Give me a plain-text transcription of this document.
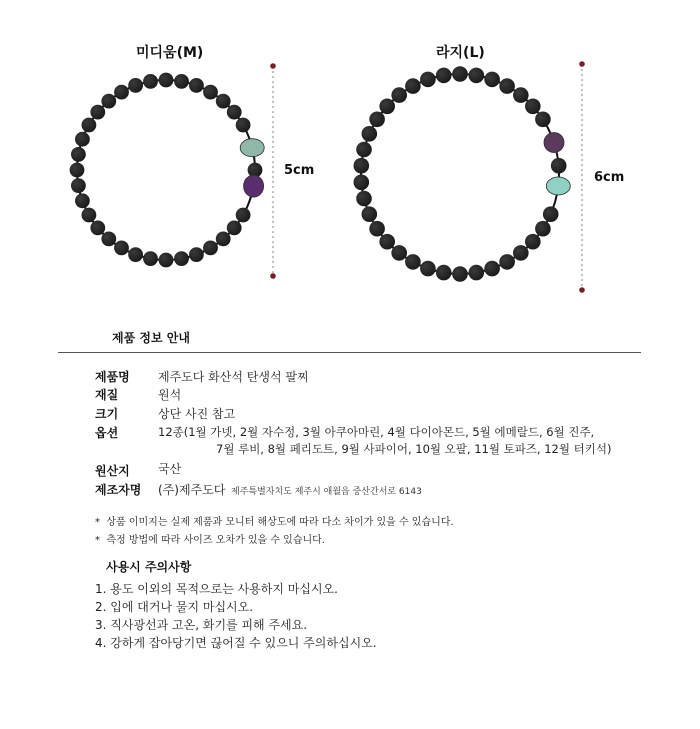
미디움(M)	라지(L)
5cm	6cm
제품 정보 안내
제품명 제주도다 화산석 탄생석 팔찌
재질	원석
크기	상단 사진 참고
옵션	12종(1월 가넷, 2월 자수정, 3월 아쿠아마린, 4월 다이아몬드, 5월 에메랄드, 6월 진주,
7월 루비, 8월 페리도트, 9월 사파이어, 10월 오팔, 11월 토파즈, 12월 터키석)
원산지 국산
제조자명 (주)제주도다 제주특별자치도 제주시 애월읍 중산간서로 6143
*  상품 이미지는 실제 제품과 모니터 해상도에 따라 다소 차이가 있을 수 있습니다.
*  측정 방법에 따라 사이즈 오차가 있을 수 있습니다.
사용시 주의사항
1. 용도 이외의 목적으로는 사용하지 마십시오.
2. 입에 대거나 물지 마십시오.
3. 직사광선과 고온, 화기를 피해 주세요.
4. 강하게 잡아당기면 끊어질 수 있으니 주의하십시오.
